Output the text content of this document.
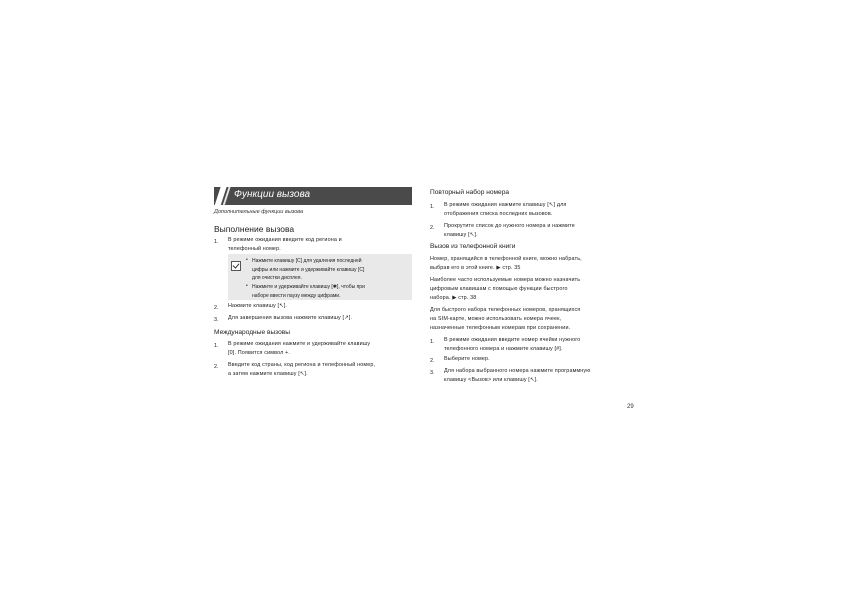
Функции вызова
Дополнительные функции вызова
Выполнение вызова
1. В режиме ожидания введите код региона и
телефонный номер.
• Нажмите клавишу [C] для удаления последней
цифры или нажмите и удерживайте клавишу [C]
для очистки дисплея.
• Нажмите и удерживайте клавишу [✱], чтобы при
наборе ввести паузу между цифрами.
2. Нажмите клавишу [↖].
3. Для завершения вызова нажмите клавишу [↗].
Международные вызовы
1. В режиме ожидания нажмите и удерживайте клавишу
[0]. Появится символ +.
2. Введите код страны, код региона и телефонный номер,
а затем нажмите клавишу [↖].
Повторный набор номера
1. В режиме ожидания нажмите клавишу [↖] для
отображения списка последних вызовов.
2. Прокрутите список до нужного номера и нажмите
клавишу [↖].
Вызов из телефонной книги
Номер, хранящийся в телефонной книге, можно набрать,
выбрав его в этой книге. ▶ стр. 35
Наиболее часто используемые номера можно назначить
цифровым клавишам с помощью функции быстрого
набора. ▶ стр. 38
Для быстрого набора телефонных номеров, хранящихся
на SIM-карте, можно использовать номера ячеек,
назначенные телефонным номерам при сохранении.
1. В режиме ожидания введите номер ячейки нужного
телефонного номера и нажмите клавишу [#].
2. Выберите номер.
3. Для набора выбранного номера нажмите программную
клавишу <Вызов> или клавишу [↖].
29
